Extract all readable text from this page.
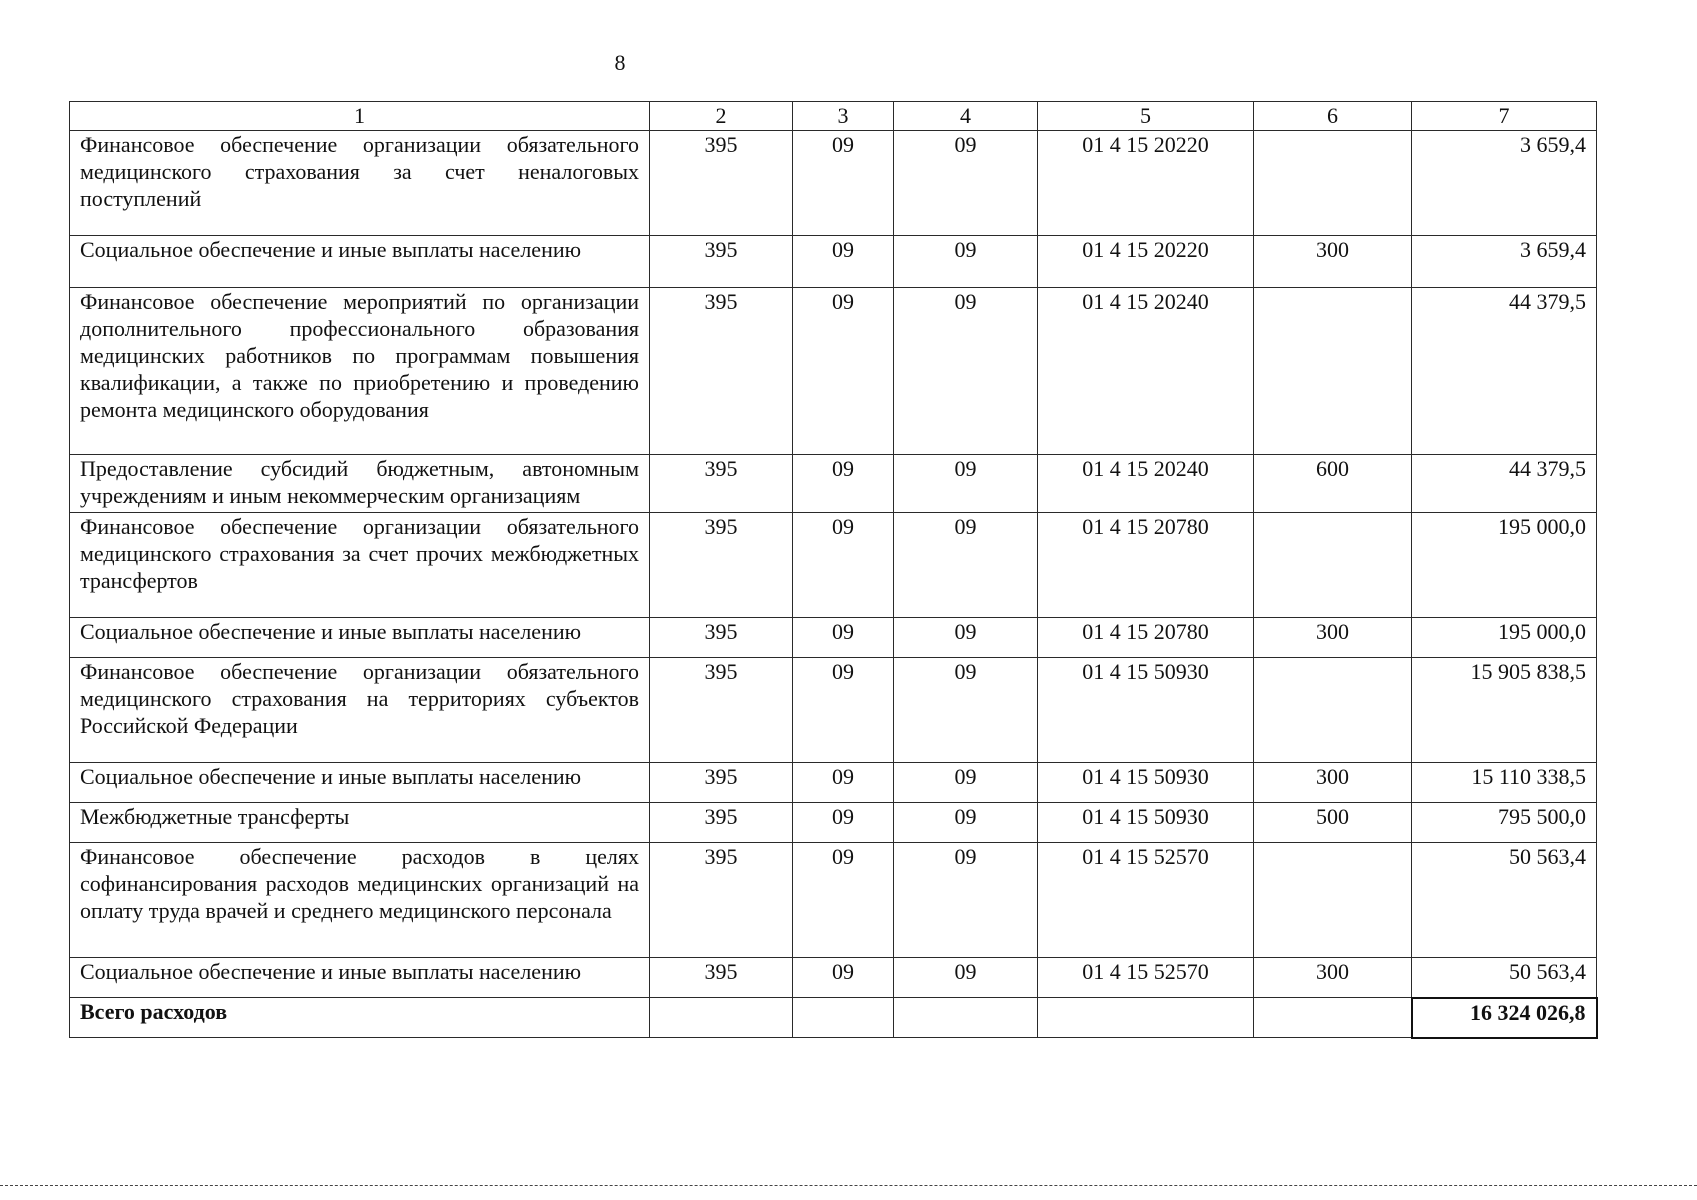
8
1	2	3	4	5	6	7
Финансовое обеспечение организации обязательного медицинского страхования за счет неналоговых поступлений	395	09	09	01 4 15 20220		3 659,4
Социальное обеспечение и иные выплаты населению	395	09	09	01 4 15 20220	300	3 659,4
Финансовое обеспечение мероприятий по организации дополнительного профессионального образования медицинских работников по программам повышения квалификации, а также по приобретению и проведению ремонта медицинского оборудования	395	09	09	01 4 15 20240		44 379,5
Предоставление субсидий бюджетным, автономным учреждениям и иным некоммерческим организациям	395	09	09	01 4 15 20240	600	44 379,5
Финансовое обеспечение организации обязательного медицинского страхования за счет прочих межбюджетных трансфертов	395	09	09	01 4 15 20780		195 000,0
Социальное обеспечение и иные выплаты населению	395	09	09	01 4 15 20780	300	195 000,0
Финансовое обеспечение организации обязательного медицинского страхования на территориях субъектов Российской Федерации	395	09	09	01 4 15 50930		15 905 838,5
Социальное обеспечение и иные выплаты населению	395	09	09	01 4 15 50930	300	15 110 338,5
Межбюджетные трансферты	395	09	09	01 4 15 50930	500	795 500,0
Финансовое обеспечение расходов в целях софинансирования расходов медицинских организаций на оплату труда врачей и среднего медицинского персонала	395	09	09	01 4 15 52570		50 563,4
Социальное обеспечение и иные выплаты населению	395	09	09	01 4 15 52570	300	50 563,4
Всего расходов						16 324 026,8
